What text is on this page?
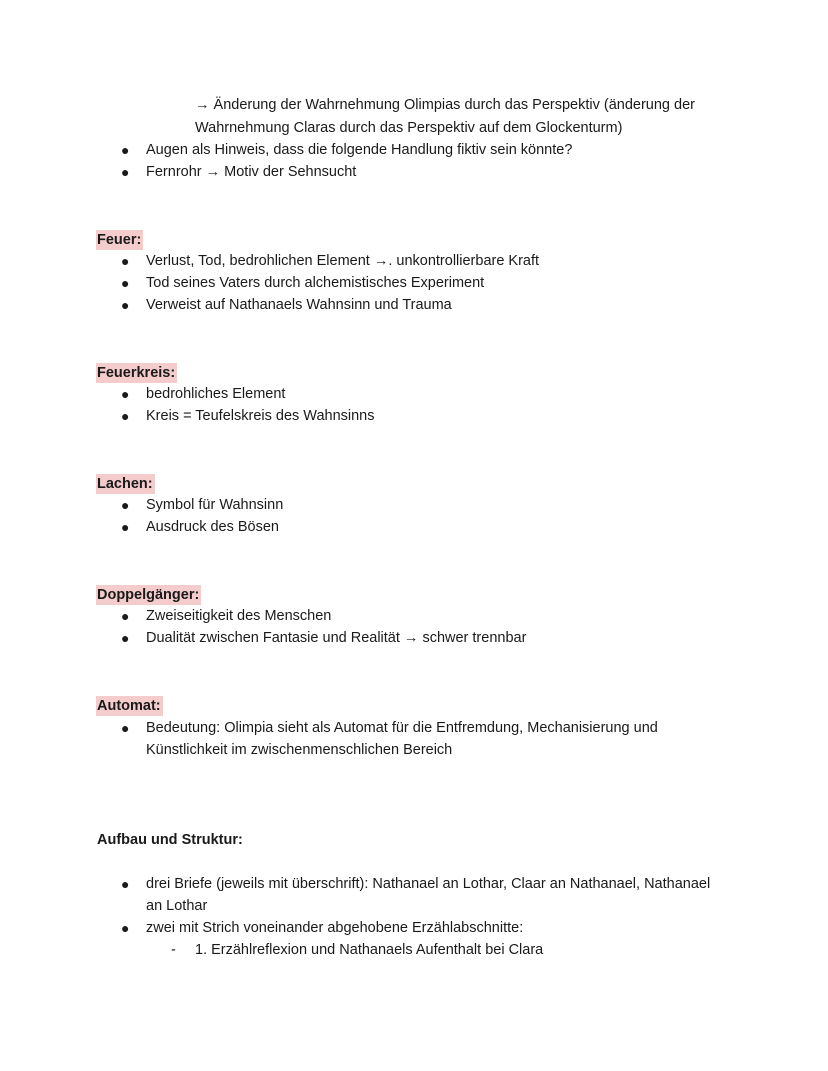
→ Änderung der Wahrnehmung Olimpias durch das Perspektiv (änderung der
Wahrnehmung Claras durch das Perspektiv auf dem Glockenturm)
● Augen als Hinweis, dass die folgende Handlung fiktiv sein könnte?
● Fernrohr → Motiv der Sehnsucht
Feuer:
● Verlust, Tod, bedrohlichen Element →. unkontrollierbare Kraft
● Tod seines Vaters durch alchemistisches Experiment
● Verweist auf Nathanaels Wahnsinn und Trauma
Feuerkreis:
● bedrohliches Element
● Kreis = Teufelskreis des Wahnsinns
Lachen:
● Symbol für Wahnsinn
● Ausdruck des Bösen
Doppelgänger:
● Zweiseitigkeit des Menschen
● Dualität zwischen Fantasie und Realität → schwer trennbar
Automat:
● Bedeutung: Olimpia sieht als Automat für die Entfremdung, Mechanisierung und
Künstlichkeit im zwischenmenschlichen Bereich
Aufbau und Struktur:
● drei Briefe (jeweils mit überschrift): Nathanael an Lothar, Claar an Nathanael, Nathanael
an Lothar
● zwei mit Strich voneinander abgehobene Erzählabschnitte:
- 1. Erzählreflexion und Nathanaels Aufenthalt bei Clara
